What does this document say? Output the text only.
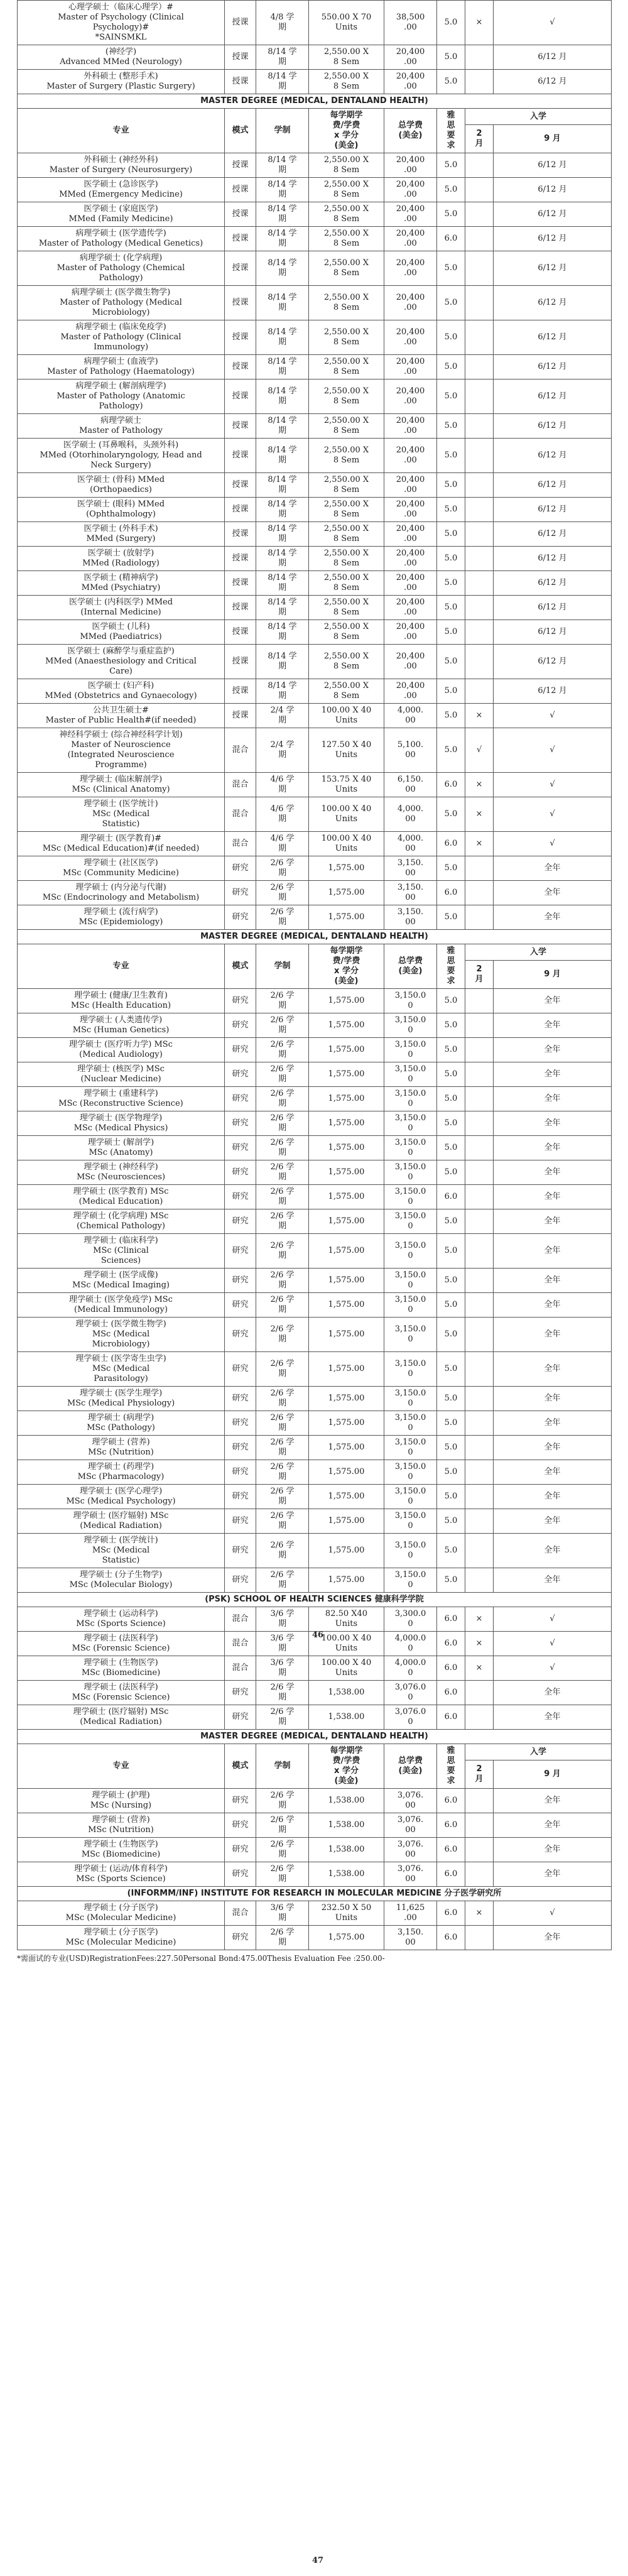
心理学硕士（临床心理学）#
Master of Psychology (Clinical
Psychology)#
*SAINSMKL	授课	4/8 学
期	550.00 X 70
Units	38,500
.00	5.0	×	√
(神经学)
Advanced MMed (Neurology)	授课	8/14 学
期	2,550.00 X
8 Sem	20,400
.00	5.0		6/12 月
外科硕士 (整形手术)
Master of Surgery (Plastic Surgery)	授课	8/14 学
期	2,550.00 X
8 Sem	20,400
.00	5.0		6/12 月
MASTER DEGREE (MEDICAL, DENTALAND HEALTH)							
专业	模式	学制	每学期学
费/学费
x 学分
(美金)	总学费
(美金)	雅
思
要
求	入学	
						2
月	9 月
外科硕士 (神经外科)
Master of Surgery (Neurosurgery)	授课	8/14 学
期	2,550.00 X
8 Sem	20,400
.00	5.0		6/12 月
医学硕士 (急诊医学)
MMed (Emergency Medicine)	授课	8/14 学
期	2,550.00 X
8 Sem	20,400
.00	5.0		6/12 月
医学硕士 (家庭医学)
MMed (Family Medicine)	授课	8/14 学
期	2,550.00 X
8 Sem	20,400
.00	5.0		6/12 月
病理学硕士 (医学遗传学)
Master of Pathology (Medical Genetics)	授课	8/14 学
期	2,550.00 X
8 Sem	20,400
.00	6.0		6/12 月
病理学硕士 (化学病理)
Master of Pathology (Chemical
Pathology)	授课	8/14 学
期	2,550.00 X
8 Sem	20,400
.00	5.0		6/12 月
病理学硕士 (医学微生物学)
Master of Pathology (Medical
Microbiology)	授课	8/14 学
期	2,550.00 X
8 Sem	20,400
.00	5.0		6/12 月
病理学硕士 (临床免疫学)
Master of Pathology (Clinical
Immunology)	授课	8/14 学
期	2,550.00 X
8 Sem	20,400
.00	5.0		6/12 月
病理学硕士 (血液学)
Master of Pathology (Haematology)	授课	8/14 学
期	2,550.00 X
8 Sem	20,400
.00	5.0		6/12 月
病理学硕士 (解剖病理学)
Master of Pathology (Anatomic
Pathology)	授课	8/14 学
期	2,550.00 X
8 Sem	20,400
.00	5.0		6/12 月
病理学硕士
Master of Pathology	授课	8/14 学
期	2,550.00 X
8 Sem	20,400
.00	5.0		6/12 月
医学硕士 (耳鼻喉科，头颈外科)
MMed (Otorhinolaryngology, Head and
Neck Surgery)	授课	8/14 学
期	2,550.00 X
8 Sem	20,400
.00	5.0		6/12 月
医学硕士 (骨科) MMed
(Orthopaedics)	授课	8/14 学
期	2,550.00 X
8 Sem	20,400
.00	5.0		6/12 月
医学硕士 (眼科) MMed
(Ophthalmology)	授课	8/14 学
期	2,550.00 X
8 Sem	20,400
.00	5.0		6/12 月
医学硕士 (外科手术)
MMed (Surgery)	授课	8/14 学
期	2,550.00 X
8 Sem	20,400
.00	5.0		6/12 月
医学硕士 (放射学)
MMed (Radiology)	授课	8/14 学
期	2,550.00 X
8 Sem	20,400
.00	5.0		6/12 月
医学硕士 (精神病学)
MMed (Psychiatry)	授课	8/14 学
期	2,550.00 X
8 Sem	20,400
.00	5.0		6/12 月
医学硕士 (内科医学) MMed
(Internal Medicine)	授课	8/14 学
期	2,550.00 X
8 Sem	20,400
.00	5.0		6/12 月
医学硕士 (儿科)
MMed (Paediatrics)	授课	8/14 学
期	2,550.00 X
8 Sem	20,400
.00	5.0		6/12 月
医学硕士 (麻醉学与重症监护)
MMed (Anaesthesiology and Critical
Care)	授课	8/14 学
期	2,550.00 X
8 Sem	20,400
.00	5.0		6/12 月
医学硕士 (妇产科)
MMed (Obstetrics and Gynaecology)	授课	8/14 学
期	2,550.00 X
8 Sem	20,400
.00	5.0		6/12 月
公共卫生硕士#
Master of Public Health#(if needed)	授课	2/4 学
期	100.00 X 40
Units	4,000.
00	5.0	×	√
神经科学硕士 (综合神经科学计划)
Master of Neuroscience
(Integrated Neuroscience
Programme)	混合	2/4 学
期	127.50 X 40
Units	5,100.
00	5.0	√	√
理学硕士 (临床解剖学)
MSc (Clinical Anatomy)	混合	4/6 学
期	153.75 X 40
Units	6,150.
00	6.0	×	√
理学硕士 (医学统计)
MSc (Medical
Statistic)	混合	4/6 学
期	100.00 X 40
Units	4,000.
00	5.0	×	√
理学硕士 (医学教育)#
MSc (Medical Education)#(if needed)	混合	4/6 学
期	100.00 X 40
Units	4,000.
00	6.0	×	√
理学硕士 (社区医学)
MSc (Community Medicine)	研究	2/6 学
期	1,575.00	3,150.
00	5.0		全年
理学硕士 (内分泌与代谢)
MSc (Endocrinology and Metabolism)	研究	2/6 学
期	1,575.00	3,150.
00	6.0		全年
理学硕士 (流行病学)
MSc (Epidemiology)	研究	2/6 学
期	1,575.00	3,150.
00	5.0		全年
MASTER DEGREE (MEDICAL, DENTALAND HEALTH)							
专业	模式	学制	每学期学
费/学费
x 学分
(美金)	总学费
(美金)	雅
思
要
求	入学	
						2
月	9 月
理学硕士 (健康/卫生教育)
MSc (Health Education)	研究	2/6 学
期	1,575.00	3,150.0
0	5.0		全年
理学硕士 (人类遗传学)
MSc (Human Genetics)	研究	2/6 学
期	1,575.00	3,150.0
0	5.0		全年
理学硕士 (医疗听力学) MSc
(Medical Audiology)	研究	2/6 学
期	1,575.00	3,150.0
0	5.0		全年
理学硕士 (核医学) MSc
(Nuclear Medicine)	研究	2/6 学
期	1,575.00	3,150.0
0	5.0		全年
理学硕士 (重建科学)
MSc (Reconstructive Science)	研究	2/6 学
期	1,575.00	3,150.0
0	5.0		全年
理学硕士 (医学物理学)
MSc (Medical Physics)	研究	2/6 学
期	1,575.00	3,150.0
0	5.0		全年
理学硕士 (解剖学)
MSc (Anatomy)	研究	2/6 学
期	1,575.00	3,150.0
0	5.0		全年
理学硕士 (神经科学)
MSc (Neurosciences)	研究	2/6 学
期	1,575.00	3,150.0
0	5.0		全年
理学硕士 (医学教育) MSc
(Medical Education)	研究	2/6 学
期	1,575.00	3,150.0
0	6.0		全年
理学硕士 (化学病理) MSc
(Chemical Pathology)	研究	2/6 学
期	1,575.00	3,150.0
0	5.0		全年
理学硕士 (临床科学)
MSc (Clinical
Sciences)	研究	2/6 学
期	1,575.00	3,150.0
0	5.0		全年
理学硕士 (医学成像)
MSc (Medical Imaging)	研究	2/6 学
期	1,575.00	3,150.0
0	5.0		全年
理学硕士 (医学免疫学) MSc
(Medical Immunology)	研究	2/6 学
期	1,575.00	3,150.0
0	5.0		全年
理学硕士 (医学微生物学)
MSc (Medical
Microbiology)	研究	2/6 学
期	1,575.00	3,150.0
0	5.0		全年
理学硕士 (医学寄生虫学)
MSc (Medical
Parasitology)	研究	2/6 学
期	1,575.00	3,150.0
0	5.0		全年
理学硕士 (医学生理学)
MSc (Medical Physiology)	研究	2/6 学
期	1,575.00	3,150.0
0	5.0		全年
理学硕士 (病理学)
MSc (Pathology)	研究	2/6 学
期	1,575.00	3,150.0
0	5.0		全年
理学硕士 (营养)
MSc (Nutrition)	研究	2/6 学
期	1,575.00	3,150.0
0	5.0		全年
理学硕士 (药理学)
MSc (Pharmacology)	研究	2/6 学
期	1,575.00	3,150.0
0	5.0		全年
理学硕士 (医学心理学)
MSc (Medical Psychology)	研究	2/6 学
期	1,575.00	3,150.0
0	5.0		全年
理学硕士 (医疗辐射) MSc
(Medical Radiation)	研究	2/6 学
期	1,575.00	3,150.0
0	5.0		全年
理学硕士 (医学统计)
MSc (Medical
Statistic)	研究	2/6 学
期	1,575.00	3,150.0
0	5.0		全年
理学硕士 (分子生物学)
MSc (Molecular Biology)	研究	2/6 学
期	1,575.00	3,150.0
0	5.0		全年
(PSK) SCHOOL OF HEALTH SCIENCES 健康科学学院							
理学硕士 (运动科学)
MSc (Sports Science)	混合	3/6 学
期	82.50 X40
Units	3,300.0
0	6.0	×	√
理学硕士 (法医科学)
MSc (Forensic Science)	混合	3/6 学
期	100.00 X 40
Units	4,000.0
0	6.0	×	√
理学硕士 (生物医学)
MSc (Biomedicine)	混合	3/6 学
期	100.00 X 40
Units	4,000.0
0	6.0	×	√
理学硕士 (法医科学)
MSc (Forensic Science)	研究	2/6 学
期	1,538.00	3,076.0
0	6.0		全年
理学硕士 (医疗辐射) MSc
(Medical Radiation)	研究	2/6 学
期	1,538.00	3,076.0
0	6.0		全年
MASTER DEGREE (MEDICAL, DENTALAND HEALTH)							
专业	模式	学制	每学期学
费/学费
x 学分
(美金)	总学费
(美金)	雅
思
要
求	入学	
						2
月	9 月
理学硕士 (护理)
MSc (Nursing)	研究	2/6 学
期	1,538.00	3,076.
00	6.0		全年
理学硕士 (营养)
MSc (Nutrition)	研究	2/6 学
期	1,538.00	3,076.
00	6.0		全年
理学硕士 (生物医学)
MSc (Biomedicine)	研究	2/6 学
期	1,538.00	3,076.
00	6.0		全年
理学硕士 (运动/体育科学)
MSc (Sports Science)	研究	2/6 学
期	1,538.00	3,076.
00	6.0		全年
(INFORMM/INF) INSTITUTE FOR RESEARCH IN MOLECULAR MEDICINE 分子医学研究所							
理学硕士 (分子医学)
MSc (Molecular Medicine)	混合	3/6 学
期	232.50 X 50
Units	11,625
.00	6.0	×	√
理学硕士 (分子医学)
MSc (Molecular Medicine)	研究	2/6 学
期	1,575.00	3,150.
00	6.0		全年
*需面试的专业(USD)RegistrationFees:227.50Personal Bond:475.00Thesis Evaluation Fee :250.00-
46
47
